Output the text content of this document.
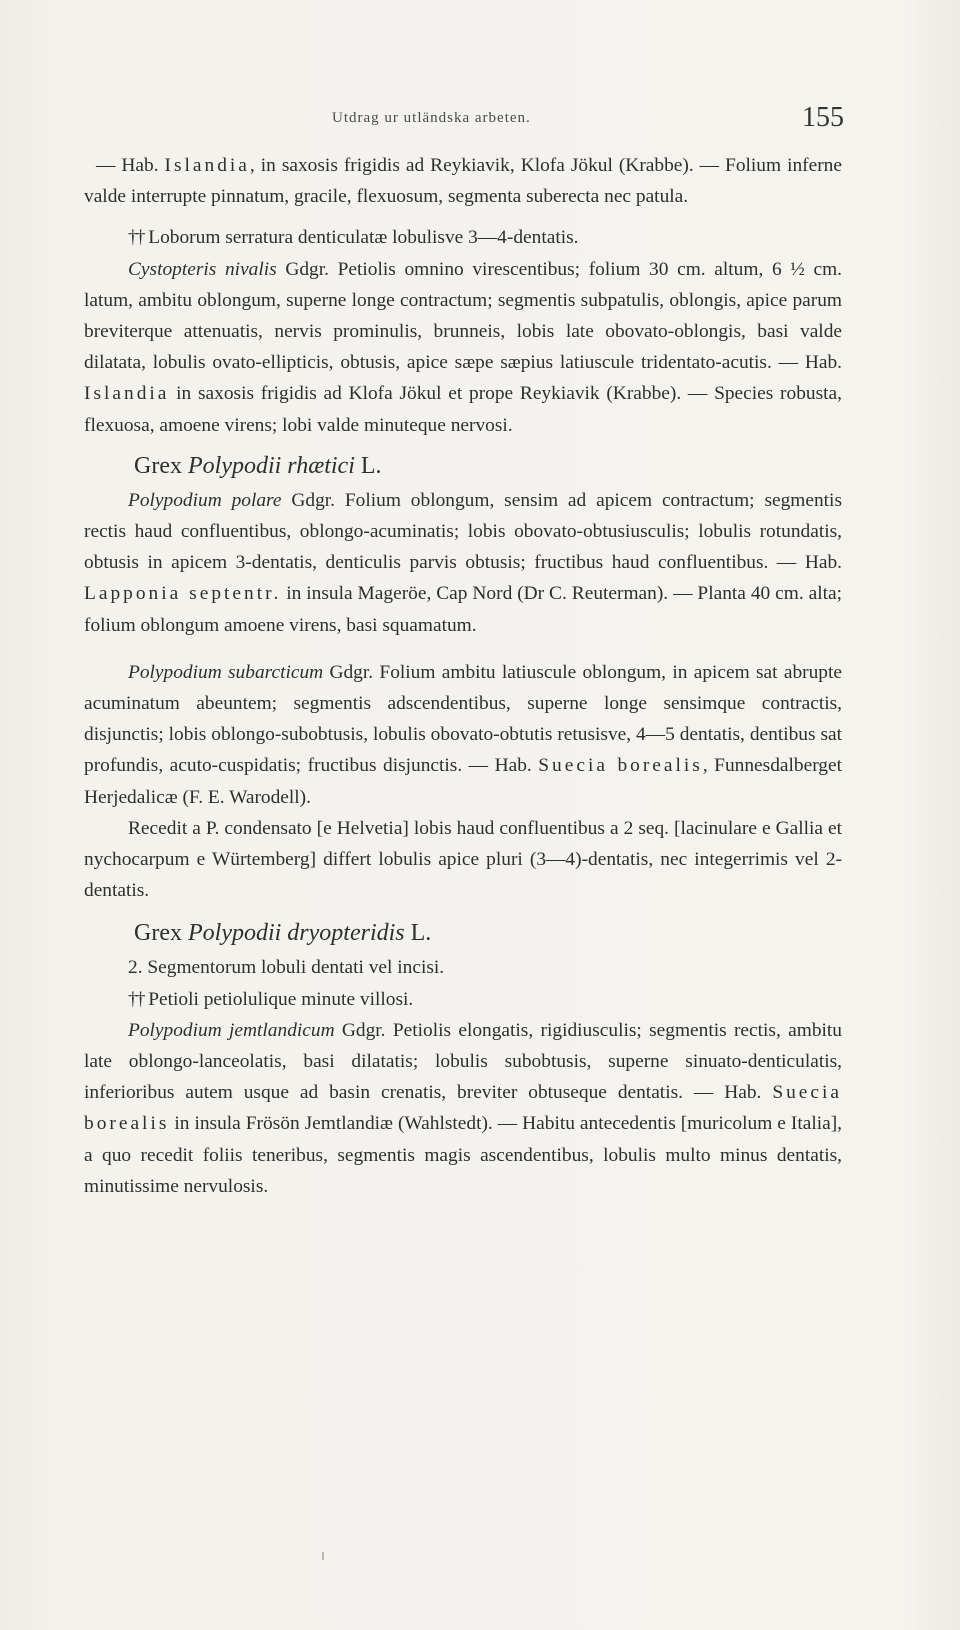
Utdrag ur utländska arbeten.	155

— Hab. Islandia, in saxosis frigidis ad Reykiavik, Klofa Jökul (Krabbe). — Folium inferne valde interrupte pinnatum, gracile, flexuosum, segmenta suberecta nec patula.

†† Loborum serratura denticulatæ lobulisve 3—4-dentatis.

Cystopteris nivalis Gdgr. Petiolis omnino virescentibus; folium 30 cm. altum, 6 ½ cm. latum, ambitu oblongum, superne longe contractum; segmentis subpatulis, oblongis, apice parum breviterque attenuatis, nervis prominulis, brunneis, lobis late obovato-oblongis, basi valde dilatata, lobulis ovato-ellipticis, obtusis, apice sæpe sæpius latiusculе tridentato-acutis. — Hab. Islandia in saxosis frigidis ad Klofa Jökul et prope Reykiavik (Krabbe). — Species robusta, flexuosa, amoene virens; lobi valde minuteque nervosi.

Grex Polypodii rhætici L.

Polypodium polare Gdgr. Folium oblongum, sensim ad apicem contractum; segmentis rectis haud confluentibus, oblongo-acuminatis; lobis obovato-obtusiusculis; lobulis rotundatis, obtusis in apicem 3-dentatis, denticulis parvis obtusis; fructibus haud confluentibus. — Hab. Lapponia septentr. in insula Mageröe, Cap Nord (Dr C. Reuterman). — Planta 40 cm. alta; folium oblongum amoene virens, basi squamatum.

Polypodium subarcticum Gdgr. Folium ambitu latiuscule oblongum, in apicem sat abrupte acuminatum abeuntem; segmentis adscendentibus, superne longe sensimque contractis, disjunctis; lobis oblongo-subobtusis, lobulis obovato-obtutis retusisve, 4—5 dentatis, dentibus sat profundis, acuto-cuspidatis; fructibus disjunctis. — Hab. Suecia borealis, Funnesdalberget Herjedalicæ (F. E. Warodell).

Recedit a P. condensato [e Helvetia] lobis haud confluentibus a 2 seq. [lacinulare e Gallia et nychocarpum e Würtemberg] differt lobulis apice pluri (3—4)-dentatis, nec integerrimis vel 2-dentatis.

Grex Polypodii dryopteridis L.

2. Segmentorum lobuli dentati vel incisi.

†† Petioli petiolulique minute villosi.

Polypodium jemtlandicum Gdgr. Petiolis elongatis, rigidiusculis; segmentis rectis, ambitu late oblongo-lanceolatis, basi dilatatis; lobulis subobtusis, superne sinuato-denticulatis, inferioribus autem usque ad basin crenatis, breviter obtuseque dentatis. — Hab. Suecia borealis in insula Frösön Jemtlandiæ (Wahlstedt). — Habitu antecedentis [muricolum e Italia], a quo recedit foliis teneribus, segmentis magis ascendentibus, lobulis multo minus dentatis, minutissime nervulosis.
